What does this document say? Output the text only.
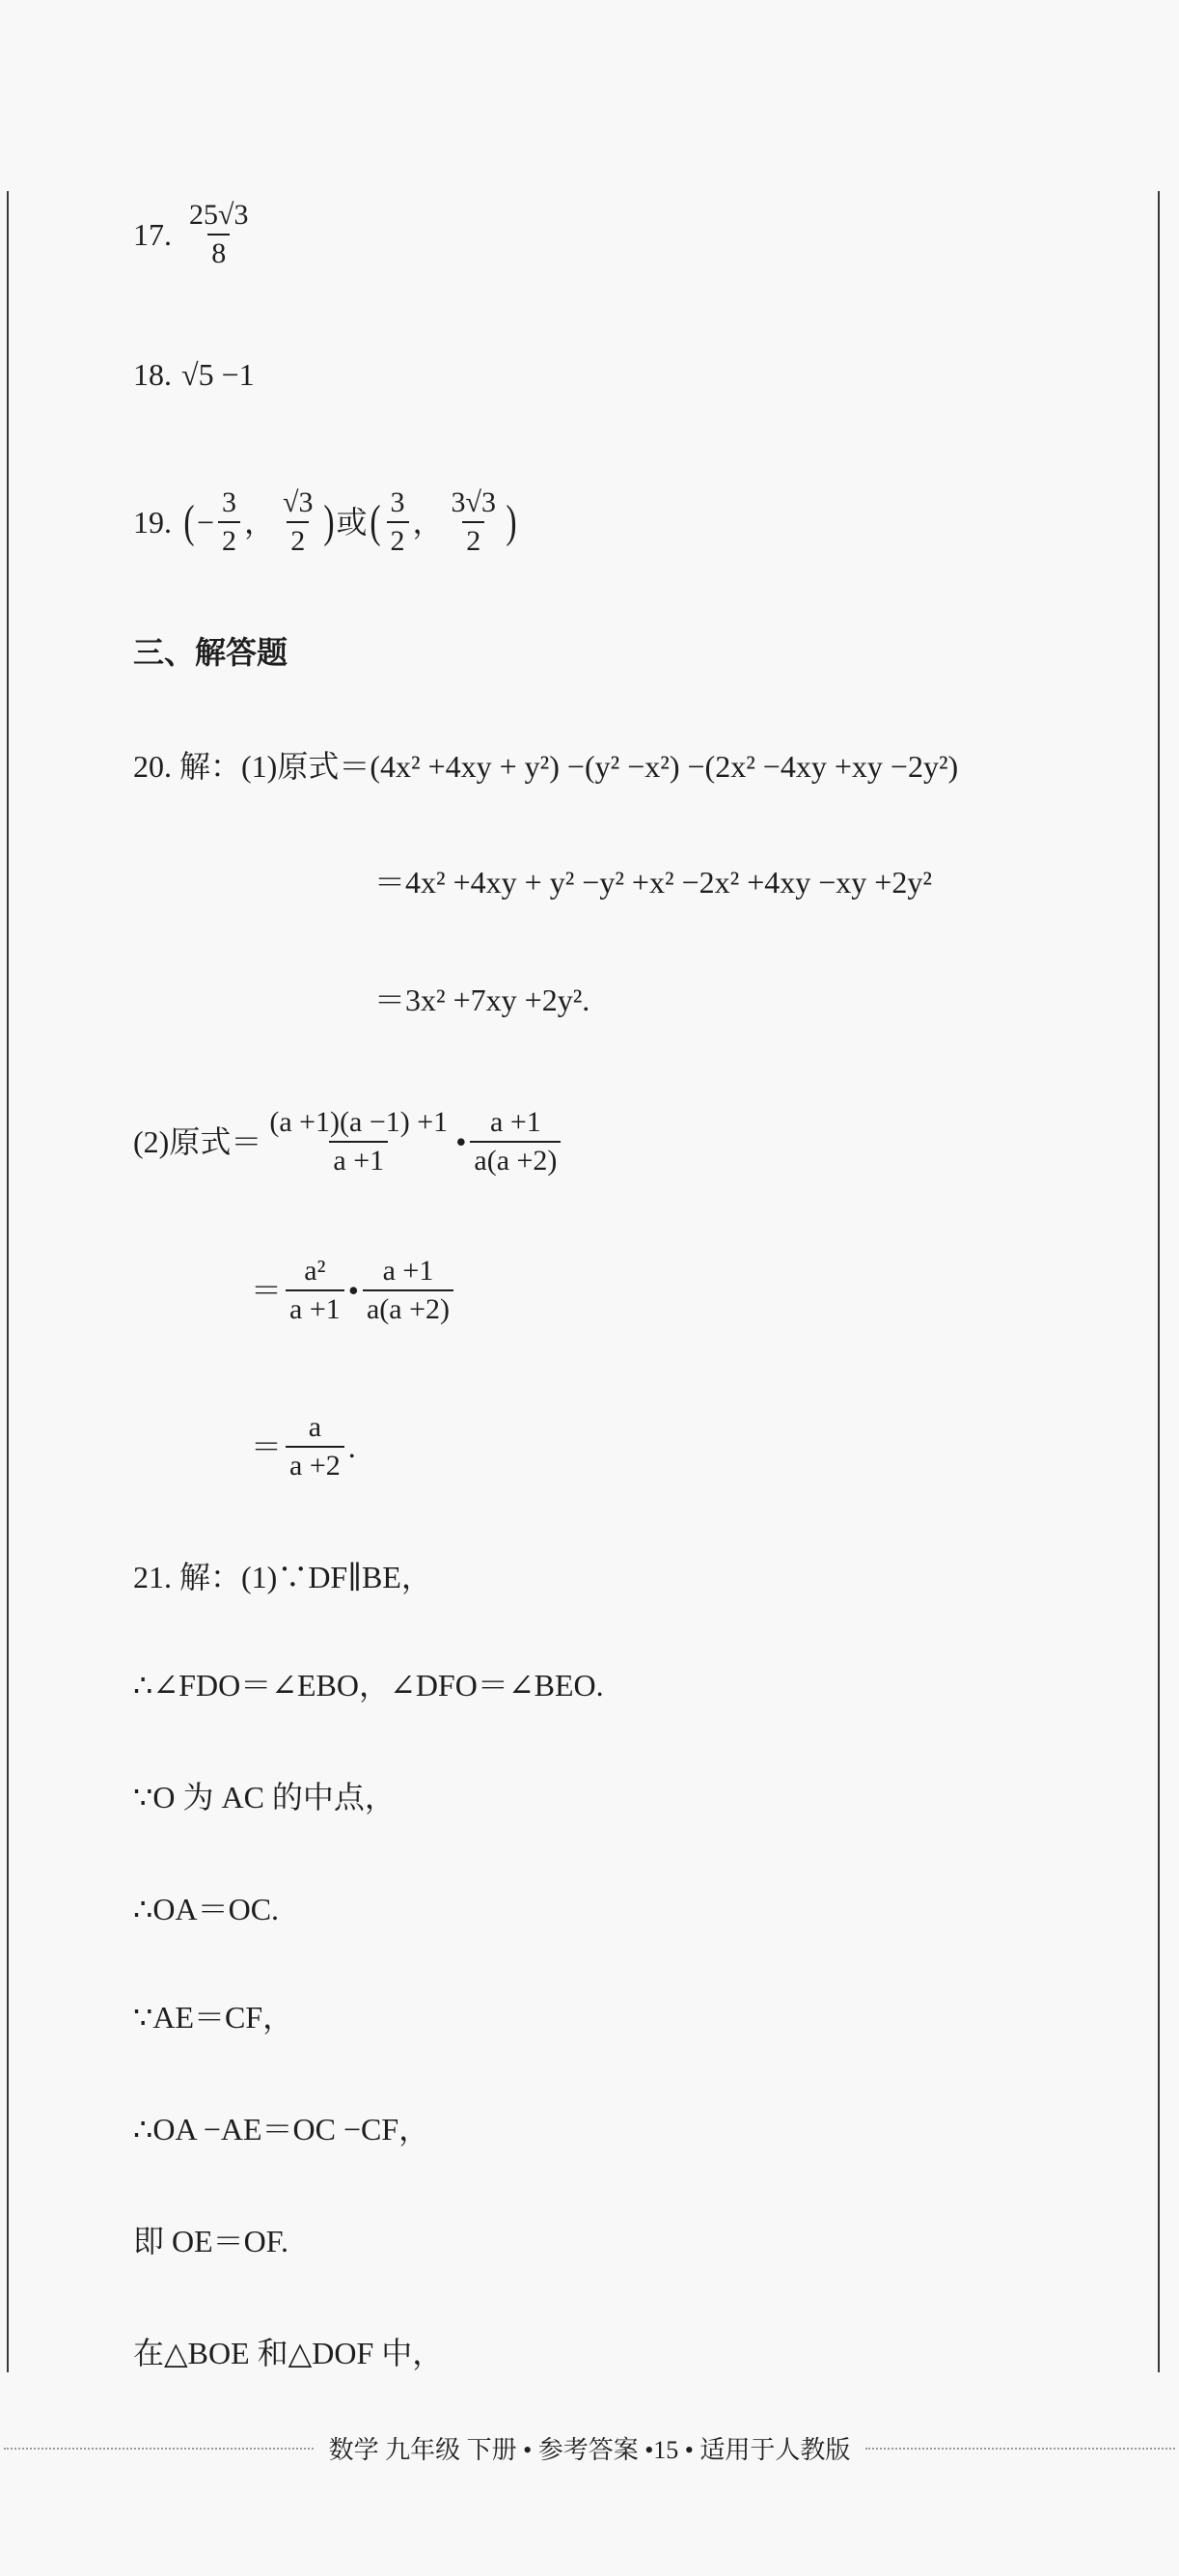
17. $\frac{25√3}{8}$
18. √5 −1
19. ( − $\frac{3}{2}$ ， $\frac{√3}{2}$ ) 或 ( $\frac{3}{2}$ ， $\frac{3√3}{2}$ )
三、解答题
20. 解：(1)原式＝(4x² +4xy + y²) −(y² −x²) −(2x² −4xy +xy −2y²)
＝4x² +4xy + y² −y² +x² −2x² +4xy −xy +2y²
＝3x² +7xy +2y².
(2)原式＝ $\frac{(a +1)(a -1) +1}{a +1}$ • $\frac{a +1}{a(a +2)}$
＝ $\frac{\text{a²}}{a +1}$ • $\frac{a +1}{a(a +2)}$
＝ $\frac{a}{a +2}$ .
21. 解：(1)∵DF∥BE，
∴∠FDO＝∠EBO，∠DFO＝∠BEO.
∵O 为 AC 的中点，
∴OA＝OC.
∵AE＝CF，
∴OA −AE＝OC −CF，
即 OE＝OF.
在△BOE 和△DOF 中，
数学 九年级 下册 • 参考答案 •15 • 适用于人教版
